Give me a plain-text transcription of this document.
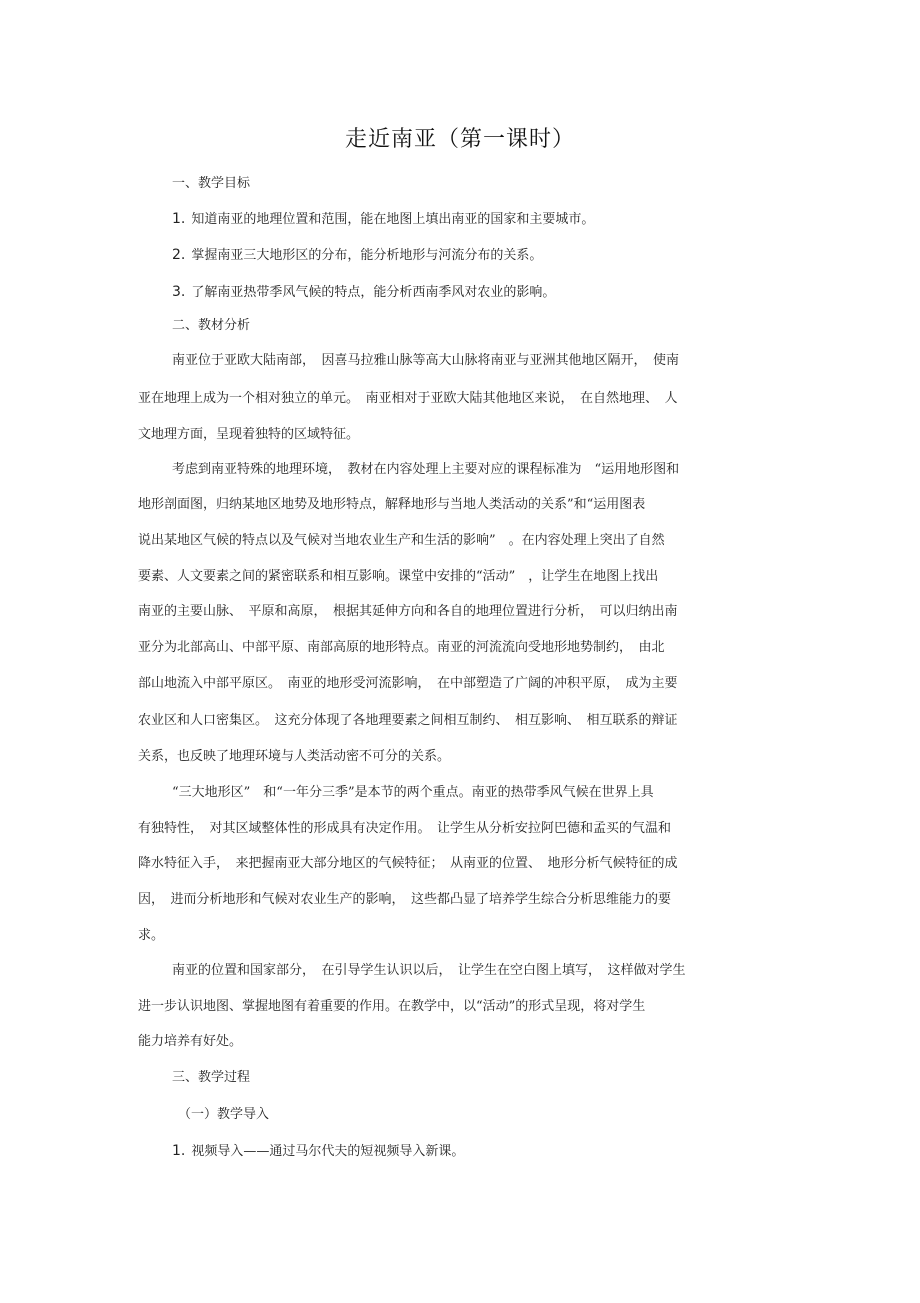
走近南亚（第一课时）
一、教学目标
1. 知道南亚的地理位置和范围，能在地图上填出南亚的国家和主要城市。
2. 掌握南亚三大地形区的分布，能分析地形与河流分布的关系。
3. 了解南亚热带季风气候的特点，能分析西南季风对农业的影响。
二、教材分析
南亚位于亚欧大陆南部，　因喜马拉雅山脉等高大山脉将南亚与亚洲其他地区隔开，　使南
亚在地理上成为一个相对独立的单元。　南亚相对于亚欧大陆其他地区来说，　在自然地理、　人
文地理方面，呈现着独特的区域特征。
考虑到南亚特殊的地理环境，　教材在内容处理上主要对应的课程标准为　“运用地形图和
地形剖面图，归纳某地区地势及地形特点，解释地形与当地人类活动的关系”和“运用图表
说出某地区气候的特点以及气候对当地农业生产和生活的影响”　。在内容处理上突出了自然
要素、人文要素之间的紧密联系和相互影响。课堂中安排的“活动”　，让学生在地图上找出
南亚的主要山脉、　平原和高原，　根据其延伸方向和各自的地理位置进行分析，　可以归纳出南
亚分为北部高山、中部平原、南部高原的地形特点。南亚的河流流向受地形地势制约，　由北
部山地流入中部平原区。　南亚的地形受河流影响，　在中部塑造了广阔的冲积平原，　成为主要
农业区和人口密集区。　这充分体现了各地理要素之间相互制约、　相互影响、　相互联系的辩证
关系，也反映了地理环境与人类活动密不可分的关系。
“三大地形区”　和“一年分三季”是本节的两个重点。南亚的热带季风气候在世界上具
有独特性，　对其区域整体性的形成具有决定作用。　让学生从分析安拉阿巴德和孟买的气温和
降水特征入手，　来把握南亚大部分地区的气候特征；　从南亚的位置、　地形分析气候特征的成
因，　进而分析地形和气候对农业生产的影响，　这些都凸显了培养学生综合分析思维能力的要
求。
南亚的位置和国家部分，　在引导学生认识以后，　让学生在空白图上填写，　这样做对学生
进一步认识地图、掌握地图有着重要的作用。在教学中，以“活动”的形式呈现，将对学生
能力培养有好处。
三、教学过程
（一）教学导入
1. 视频导入——通过马尔代夫的短视频导入新课。
